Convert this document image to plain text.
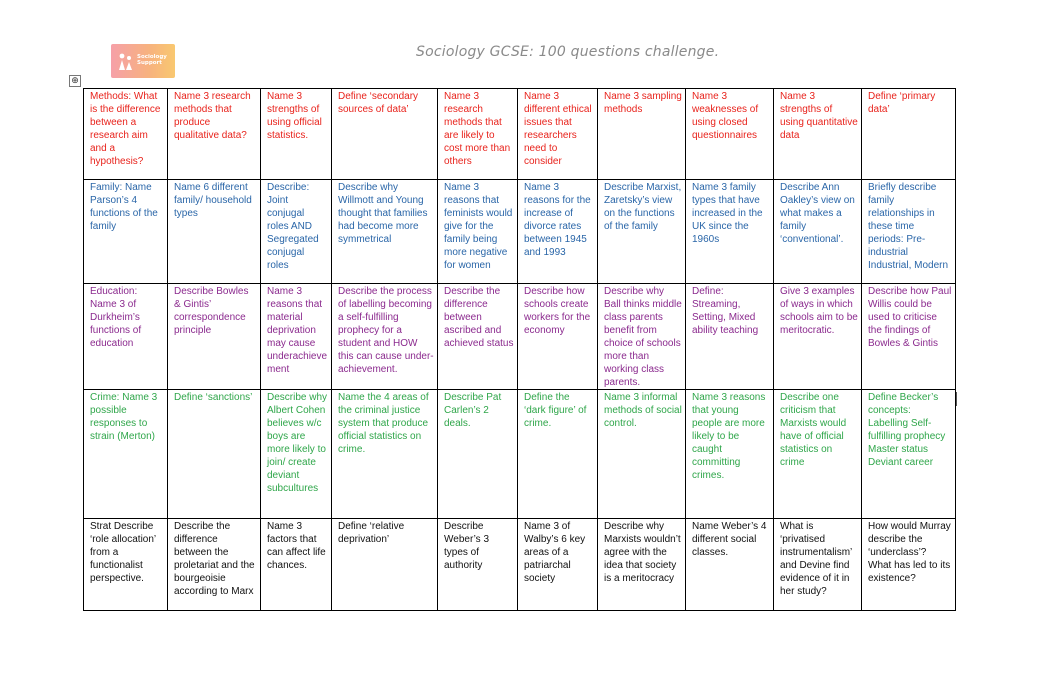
Sociology
Support
Sociology GCSE: 100 questions challenge.
⊕
Methods: What is the difference between a research aim and a hypothesis?	Name 3 research methods that produce qualitative data?	Name 3 strengths of using official statistics.	Define ‘secondary sources of data’	Name 3 research methods that are likely to cost more than others	Name 3 different ethical issues that researchers need to consider	Name 3 sampling methods	Name 3 weaknesses of using closed questionnaires	Name 3 strengths of using quantitative data	Define ‘primary data’
Family: Name Parson’s 4 functions of the family	Name 6 different family/ household types	Describe: Joint conjugal roles AND Segregated conjugal roles	Describe why Willmott and Young thought that families had become more symmetrical	Name 3 reasons that feminists would give for the family being more negative for women	Name 3 reasons for the increase of divorce rates between 1945 and 1993	Describe Marxist, Zaretsky’s view on the functions of the family	Name 3 family types that have increased in the UK since the 1960s	Describe Ann Oakley’s view on what makes a family ‘conventional’.	Briefly describe family relationships in these time periods: Pre-industrial Industrial, Modern
Education: Name 3 of Durkheim’s functions of education	Describe Bowles & Gintis’ correspondence principle	Name 3 reasons that material deprivation may cause underachievement	Describe the process of labelling becoming a self-fulfilling prophecy for a student and HOW this can cause under-achievement.	Describe the difference between ascribed and achieved status	Describe how schools create workers for the economy	Describe why Ball thinks middle class parents benefit from choice of schools more than working class parents.	Define: Streaming, Setting, Mixed ability teaching	Give 3 examples of ways in which schools aim to be meritocratic.	Describe how Paul Willis could be used to criticise the findings of Bowles & Gintis
Crime: Name 3 possible responses to strain (Merton)	Define ‘sanctions’	Describe why Albert Cohen believes w/c boys are more likely to join/ create deviant subcultures	Name the 4 areas of the criminal justice system that produce official statistics on crime.	Describe Pat Carlen’s 2 deals.	Define the ‘dark figure’ of crime.	Name 3 informal methods of social control.	Name 3 reasons that young people are more likely to be caught committing crimes.	Describe one criticism that Marxists would have of official statistics on crime	Define Becker’s concepts: Labelling Self-fulfilling prophecy Master status Deviant career
Strat Describe ‘role allocation’ from a functionalist perspective.	Describe the difference between the proletariat and the bourgeoisie according to Marx	Name 3 factors that can affect life chances.	Define ‘relative deprivation’	Describe Weber’s 3 types of authority	Name 3 of Walby’s 6 key areas of a patriarchal society	Describe why Marxists wouldn’t agree with the idea that society is a meritocracy	Name Weber’s 4 different social classes.	What is ‘privatised instrumentalism’ and Devine find evidence of it in her study?	How would Murray describe the ‘underclass’? What has led to its existence?
